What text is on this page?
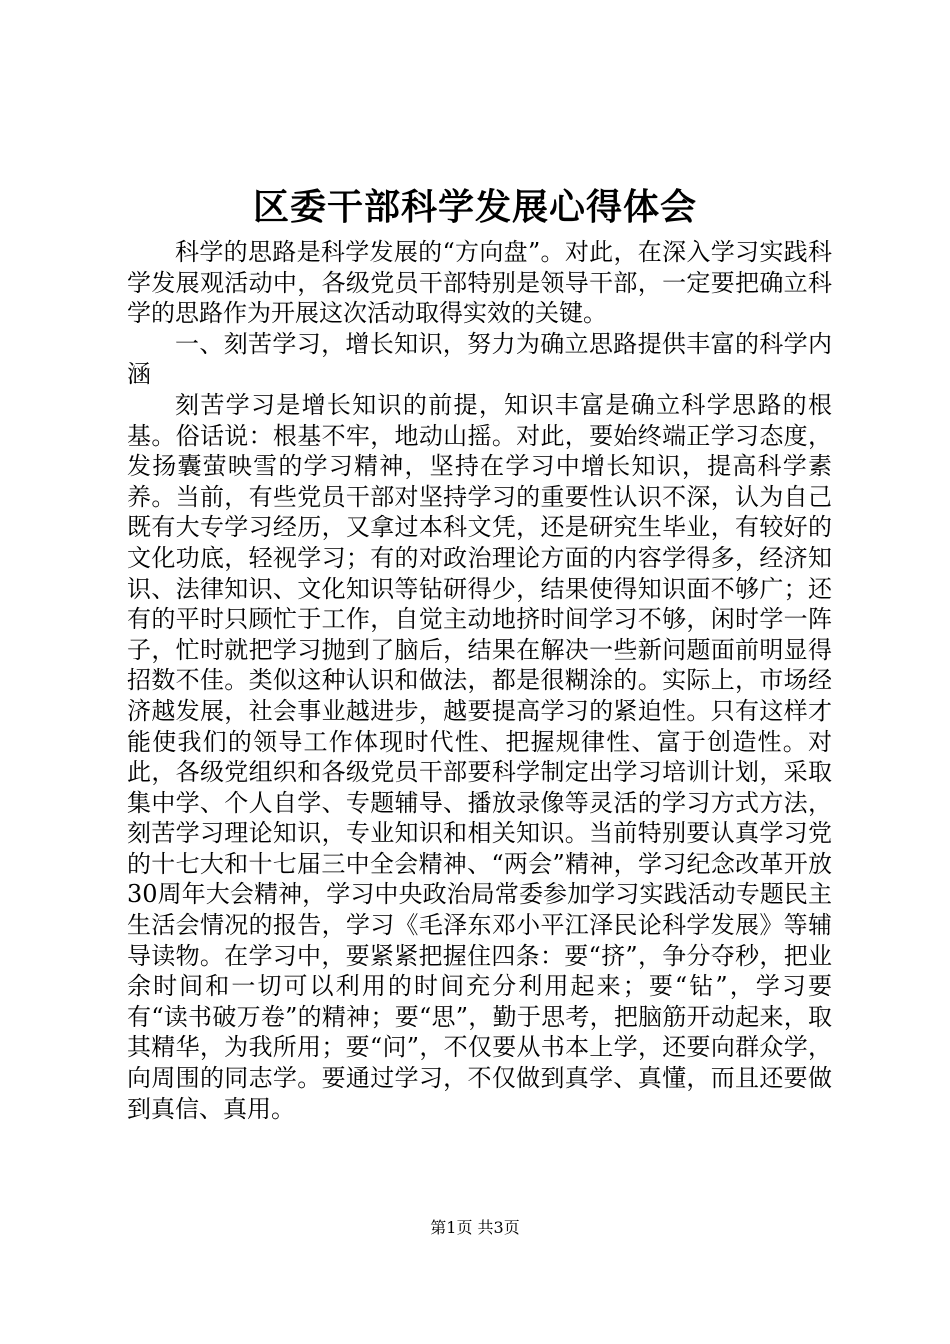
区委干部科学发展心得体会

科学的思路是科学发展的“方向盘”。对此，在深入学习实践科学发展观活动中，各级党员干部特别是领导干部，一定要把确立科学的思路作为开展这次活动取得实效的关键。

一、刻苦学习，增长知识，努力为确立思路提供丰富的科学内涵

刻苦学习是增长知识的前提，知识丰富是确立科学思路的根基。俗话说：根基不牢，地动山摇。对此，要始终端正学习态度，发扬囊萤映雪的学习精神，坚持在学习中增长知识，提高科学素养。当前，有些党员干部对坚持学习的重要性认识不深，认为自己既有大专学习经历，又拿过本科文凭，还是研究生毕业，有较好的文化功底，轻视学习；有的对政治理论方面的内容学得多，经济知识、法律知识、文化知识等钻研得少，结果使得知识面不够广；还有的平时只顾忙于工作，自觉主动地挤时间学习不够，闲时学一阵子，忙时就把学习抛到了脑后，结果在解决一些新问题面前明显得招数不佳。类似这种认识和做法，都是很糊涂的。实际上，市场经济越发展，社会事业越进步，越要提高学习的紧迫性。只有这样才能使我们的领导工作体现时代性、把握规律性、富于创造性。对此，各级党组织和各级党员干部要科学制定出学习培训计划，采取集中学、个人自学、专题辅导、播放录像等灵活的学习方式方法，刻苦学习理论知识，专业知识和相关知识。当前特别要认真学习党的十七大和十七届三中全会精神、“两会”精神，学习纪念改革开放30周年大会精神，学习中央政治局常委参加学习实践活动专题民主生活会情况的报告，学习《毛泽东邓小平江泽民论科学发展》等辅导读物。在学习中，要紧紧把握住四条：要“挤”，争分夺秒，把业余时间和一切可以利用的时间充分利用起来；要“钻”，学习要有“读书破万卷”的精神；要“思”，勤于思考，把脑筋开动起来，取其精华，为我所用；要“问”，不仅要从书本上学，还要向群众学，向周围的同志学。要通过学习，不仅做到真学、真懂，而且还要做到真信、真用。

第1页 共3页
